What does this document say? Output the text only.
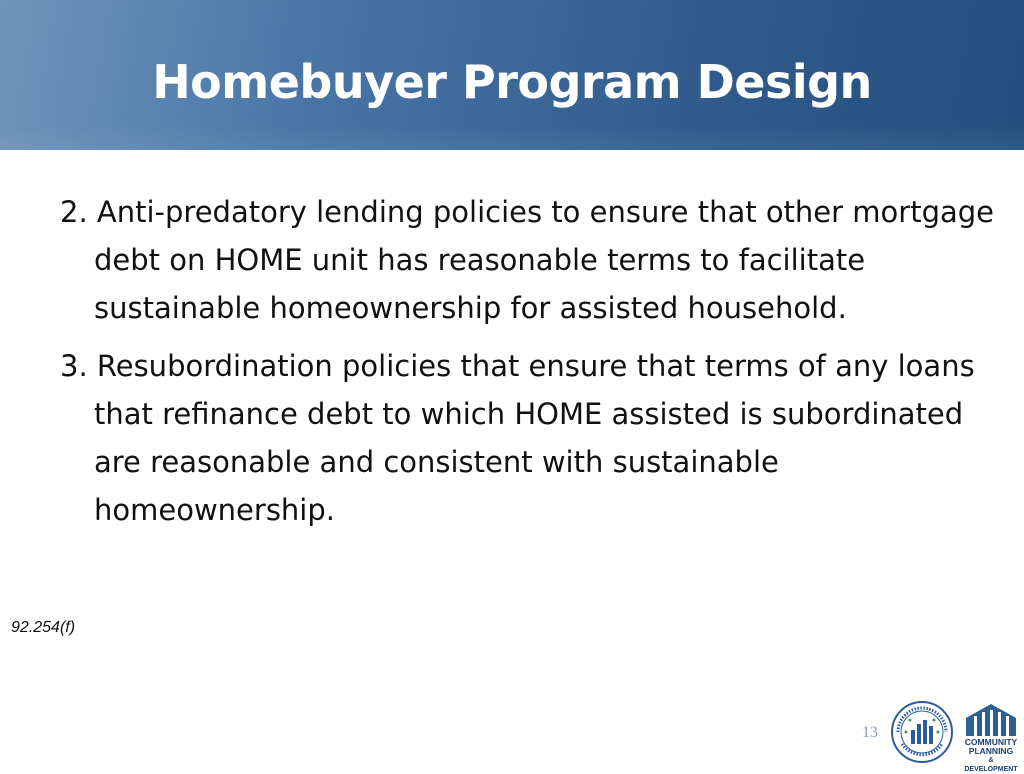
Homebuyer Program Design

2. Anti-predatory lending policies to ensure that other mortgage debt on HOME unit has reasonable terms to facilitate sustainable homeownership for assisted household.

3. Resubordination policies that ensure that terms of any loans that refinance debt to which HOME assisted is subordinated are reasonable and consistent with sustainable homeownership.

92.254(f)
13
COMMUNITY
PLANNING
& DEVELOPMENT
